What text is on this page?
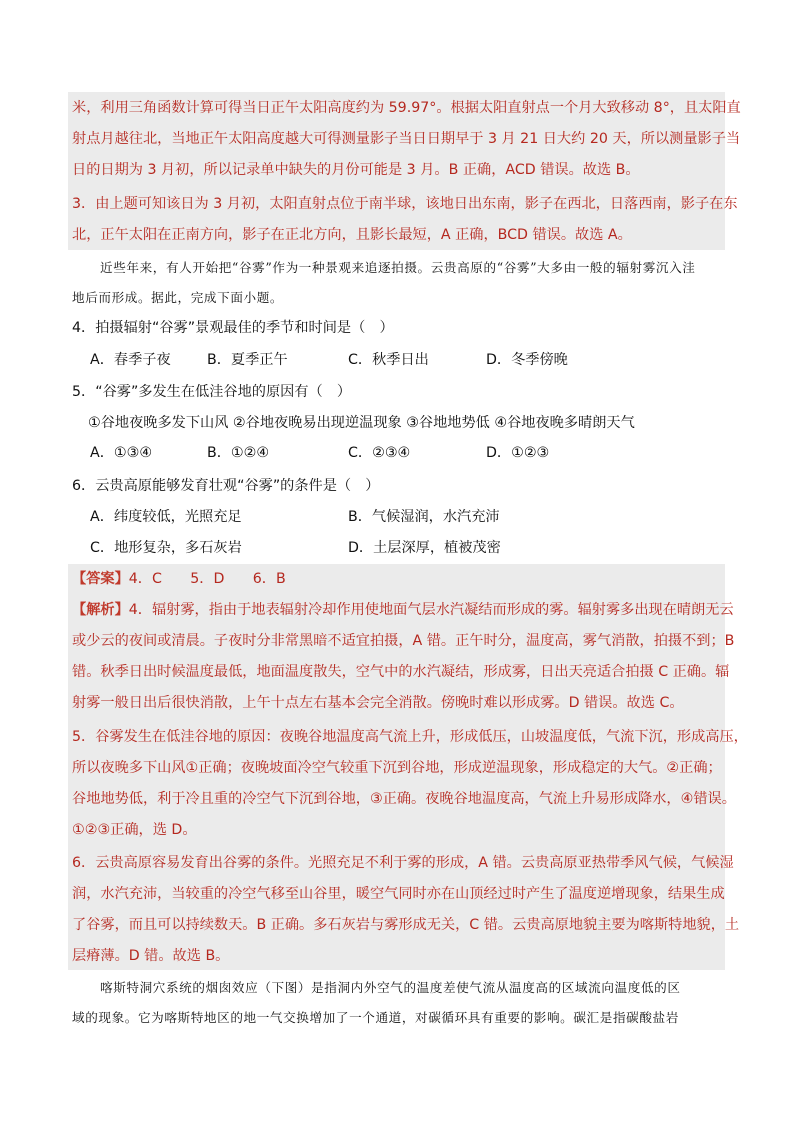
米，利用三角函数计算可得当日正午太阳高度约为 59.97°。根据太阳直射点一个月大致移动 8°，且太阳直
射点月越往北，当地正午太阳高度越大可得测量影子当日日期早于 3 月 21 日大约 20 天，所以测量影子当
日的日期为 3 月初，所以记录单中缺失的月份可能是 3 月。B 正确，ACD 错误。故选 B。
3．由上题可知该日为 3 月初，太阳直射点位于南半球，该地日出东南，影子在西北，日落西南，影子在东
北，正午太阳在正南方向，影子在正北方向，且影长最短，A 正确，BCD 错误。故选 A。
近些年来，有人开始把“谷雾”作为一种景观来追逐拍摄。云贵高原的“谷雾”大多由一般的辐射雾沉入洼
地后而形成。据此，完成下面小题。
4．拍摄辐射“谷雾”景观最佳的季节和时间是（　）
A．春季子夜	B．夏季正午	C．秋季日出	D．冬季傍晚
5．“谷雾”多发生在低洼谷地的原因有（　）
①谷地夜晚多发下山风 ②谷地夜晚易出现逆温现象 ③谷地地势低 ④谷地夜晚多晴朗天气
A．①③④	B．①②④	C．②③④	D．①②③
6．云贵高原能够发育壮观“谷雾”的条件是（　）
A．纬度较低，光照充足	B．气候湿润，水汽充沛
C．地形复杂，多石灰岩	D．土层深厚，植被茂密
【答案】4．C　　5．D　　6．B
【解析】4．辐射雾，指由于地表辐射冷却作用使地面气层水汽凝结而形成的雾。辐射雾多出现在晴朗无云
或少云的夜间或清晨。子夜时分非常黑暗不适宜拍摄，A 错。正午时分，温度高，雾气消散，拍摄不到；B
错。秋季日出时候温度最低，地面温度散失，空气中的水汽凝结，形成雾，日出天亮适合拍摄 C 正确。辐
射雾一般日出后很快消散，上午十点左右基本会完全消散。傍晚时难以形成雾。D 错误。故选 C。
5．谷雾发生在低洼谷地的原因：夜晚谷地温度高气流上升，形成低压，山坡温度低，气流下沉，形成高压，
所以夜晚多下山风①正确；夜晚坡面冷空气较重下沉到谷地，形成逆温现象，形成稳定的大气。②正确；
谷地地势低，利于冷且重的冷空气下沉到谷地，③正确。夜晚谷地温度高，气流上升易形成降水，④错误。
①②③正确，选 D。
6．云贵高原容易发育出谷雾的条件。光照充足不利于雾的形成，A 错。云贵高原亚热带季风气候，气候湿
润，水汽充沛，当较重的冷空气移至山谷里，暖空气同时亦在山顶经过时产生了温度逆增现象，结果生成
了谷雾，而且可以持续数天。B 正确。多石灰岩与雾形成无关，C 错。云贵高原地貌主要为喀斯特地貌，土
层瘠薄。D 错。故选 B。
喀斯特洞穴系统的烟囱效应（下图）是指洞内外空气的温度差使气流从温度高的区域流向温度低的区
域的现象。它为喀斯特地区的地一气交换增加了一个通道，对碳循环具有重要的影响。碳汇是指碳酸盐岩
